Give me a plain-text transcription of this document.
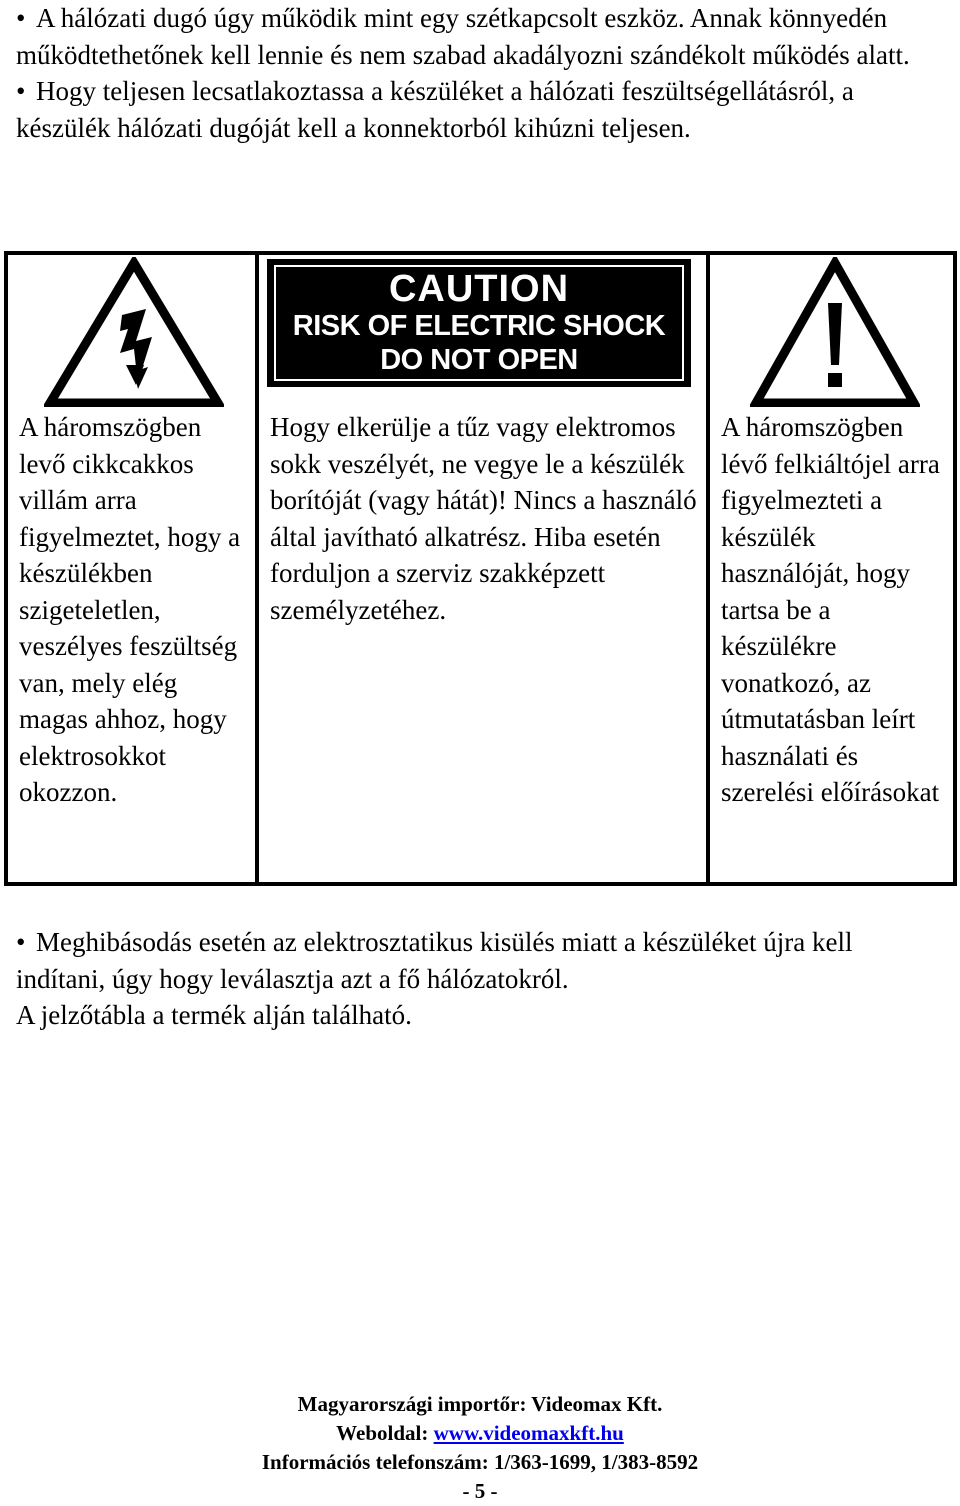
• A hálózati dugó úgy működik mint egy szétkapcsolt eszköz. Annak könnyedén működtethetőnek kell lennie és nem szabad akadályozni szándékolt működés alatt.

• Hogy teljesen lecsatlakoztassa a készüléket a hálózati feszültségellátásról, a készülék hálózati dugóját kell a konnektorból kihúzni teljesen.

A háromszögben levő cikkcakkos villám arra figyelmeztet, hogy a készülékben szigeteletlen, veszélyes feszültség van, mely elég magas ahhoz, hogy elektrosokkot okozzon.
CAUTION
RISK OF ELECTRIC SHOCK
DO NOT OPEN
Hogy elkerülje a tűz vagy elektromos sokk veszélyét, ne vegye le a készülék borítóját (vagy hátát)! Nincs a használó által javítható alkatrész. Hiba esetén forduljon a szerviz szakképzett személyzetéhez.
A háromszögben lévő felkiáltójel arra figyelmezteti a készülék használóját, hogy tartsa be a készülékre vonatkozó, az útmutatásban leírt használati és szerelési előírásokat

• Meghibásodás esetén az elektrosztatikus kisülés miatt a készüléket újra kell indítani, úgy hogy leválasztja azt a fő hálózatokról.

A jelzőtábla a termék alján található.

Magyarországi importőr: Videomax Kft.
Weboldal: www.videomaxkft.hu
Információs telefonszám: 1/363-1699, 1/383-8592
- 5 -
